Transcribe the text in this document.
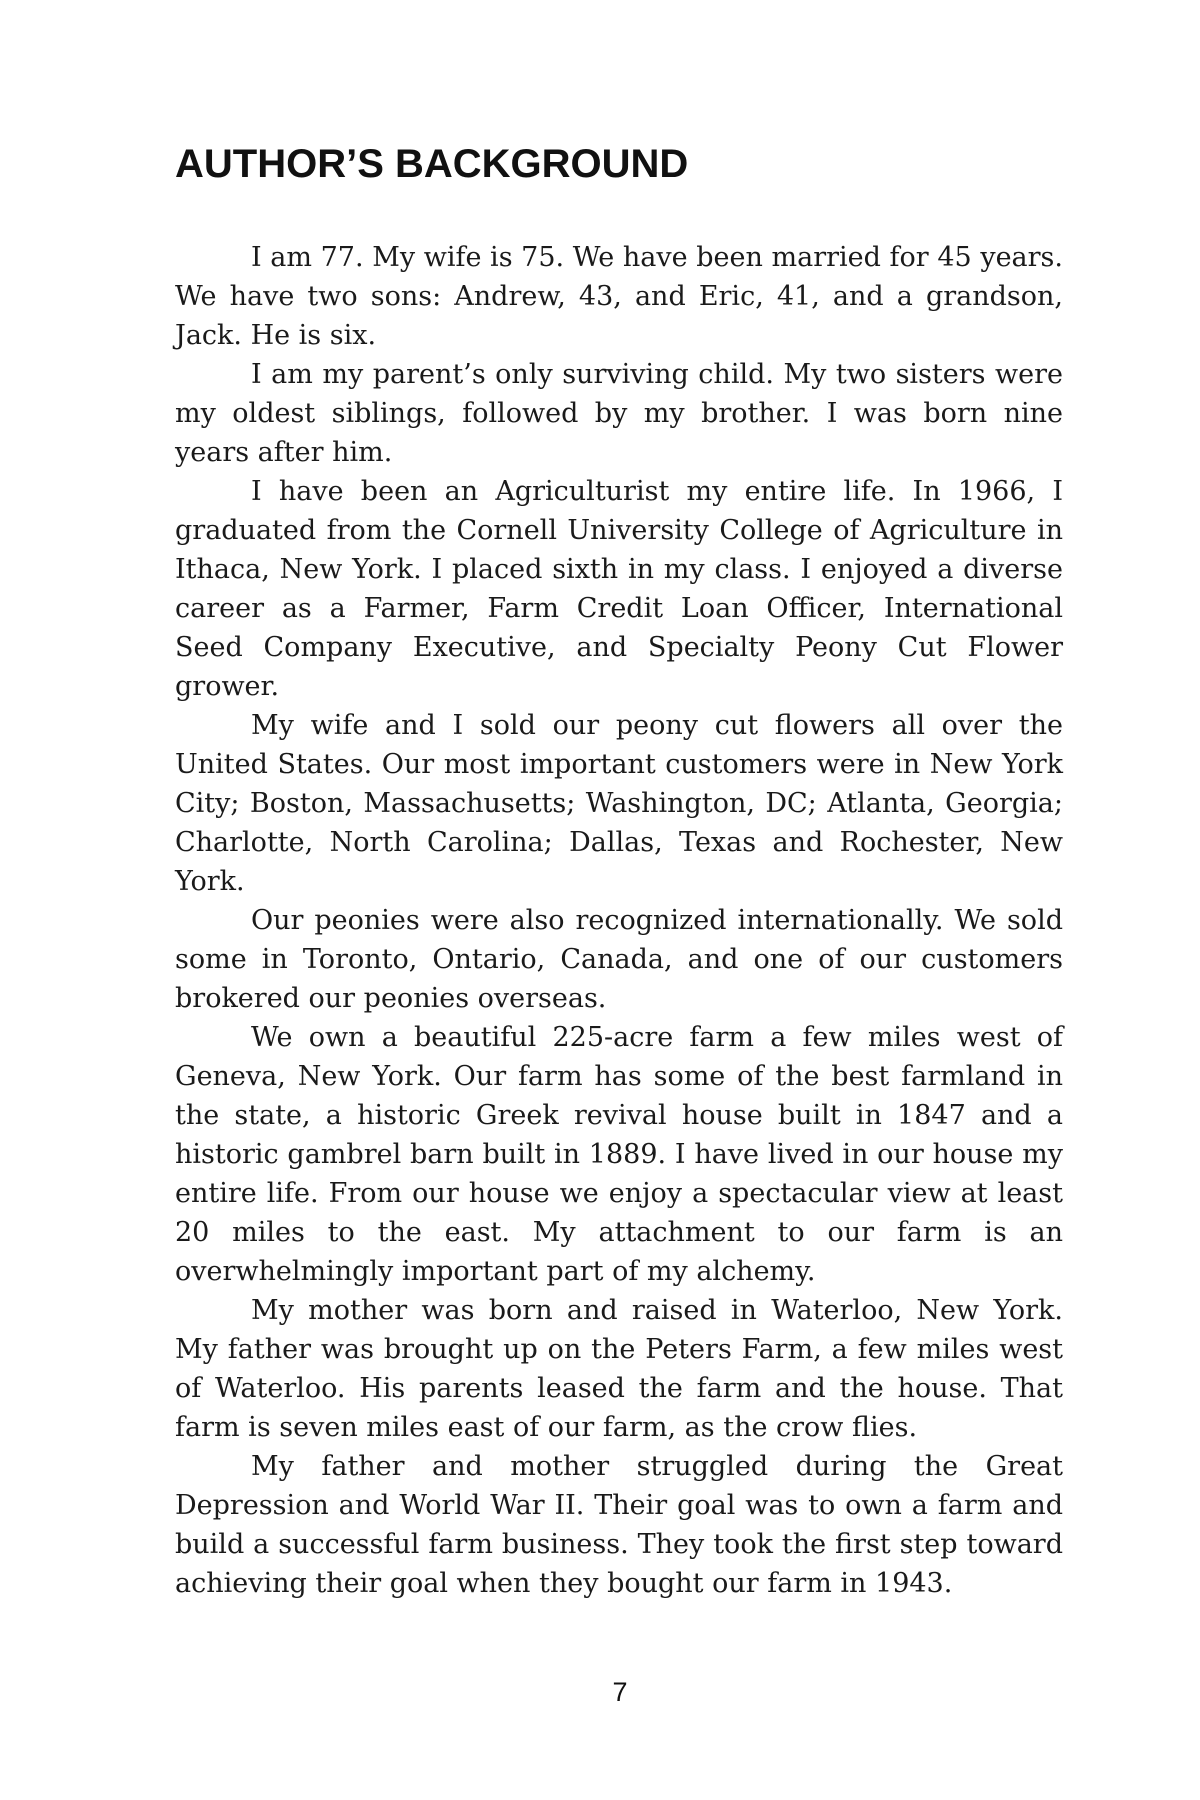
AUTHOR’S BACKGROUND

I am 77. My wife is 75. We have been married for 45 years. We have two sons: Andrew, 43, and Eric, 41, and a grandson, Jack. He is six.

I am my parent’s only surviving child. My two sisters were my oldest siblings, followed by my brother. I was born nine years after him.

I have been an Agriculturist my entire life. In 1966, I graduated from the Cornell University College of Agriculture in Ithaca, New York. I placed sixth in my class. I enjoyed a diverse career as a Farmer, Farm Credit Loan Officer, International Seed Company Executive, and Specialty Peony Cut Flower grower.

My wife and I sold our peony cut flowers all over the United States. Our most important customers were in New York City; Boston, Massachusetts; Washington, DC; Atlanta, Georgia; Charlotte, North Carolina; Dallas, Texas and Rochester, New York.

Our peonies were also recognized internationally. We sold some in Toronto, Ontario, Canada, and one of our customers brokered our peonies overseas.

We own a beautiful 225-acre farm a few miles west of Geneva, New York. Our farm has some of the best farmland in the state, a historic Greek revival house built in 1847 and a historic gambrel barn built in 1889. I have lived in our house my entire life. From our house we enjoy a spectacular view at least 20 miles to the east. My attachment to our farm is an overwhelmingly important part of my alchemy.

My mother was born and raised in Waterloo, New York. My father was brought up on the Peters Farm, a few miles west of Waterloo. His parents leased the farm and the house. That farm is seven miles east of our farm, as the crow flies.

My father and mother struggled during the Great Depression and World War II. Their goal was to own a farm and build a successful farm business. They took the first step toward achieving their goal when they bought our farm in 1943.

7
